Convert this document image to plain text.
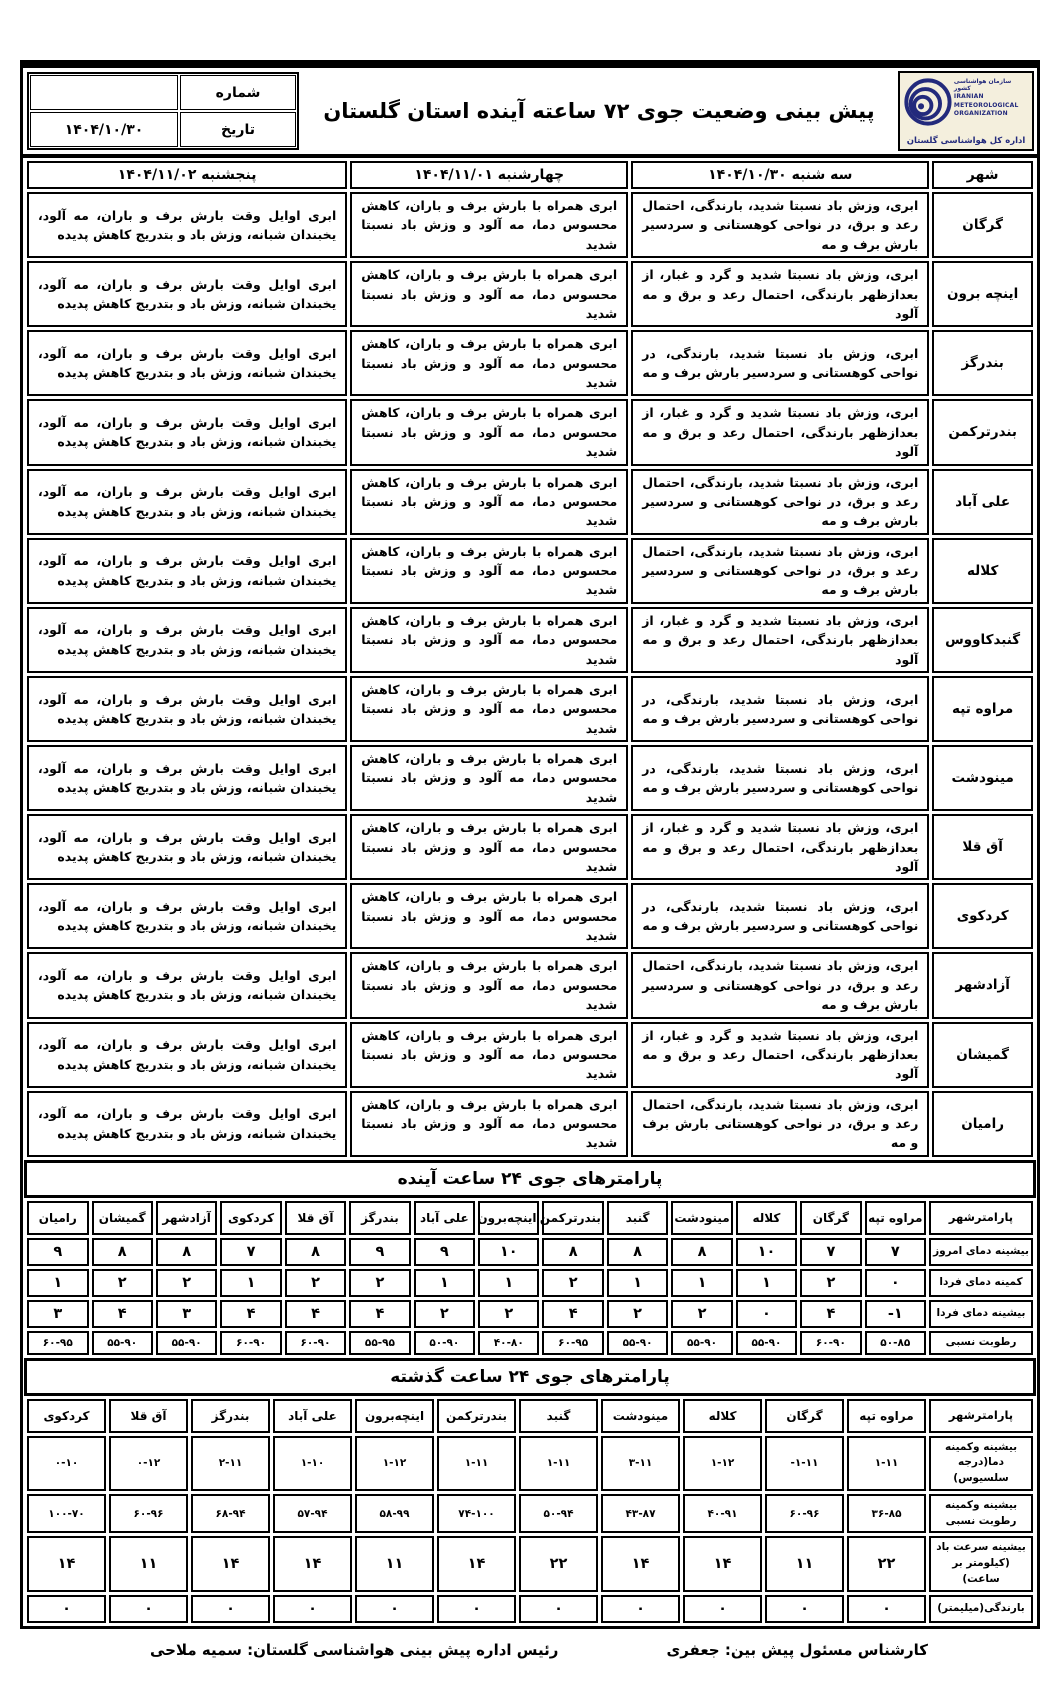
سازمان هواشناسی کشور
IRANIAN
METEOROLOGICAL
ORGANIZATION
اداره کل هواشناسی گلستان
پیش بینی وضعیت جوی ۷۲ ساعته آینده استان گلستان
شماره
تاریخ
۱۴۰۴/۱۰/۳۰
شهر	سه شنبه ۱۴۰۴/۱۰/۳۰	چهارشنبه ۱۴۰۴/۱۱/۰۱	پنجشنبه ۱۴۰۴/۱۱/۰۲
گرگان	ابری، وزش باد نسبتا شدید، بارندگی، احتمال رعد و برق، در نواحی کوهستانی و سردسیر بارش برف و مه	ابری همراه با بارش برف و باران، کاهش محسوس دما، مه آلود و وزش باد نسبتا شدید	ابری اوایل وقت بارش برف و باران، مه آلود، یخبندان شبانه، وزش باد و بتدریج کاهش پدیده
اینچه برون	ابری، وزش باد نسبتا شدید و گرد و غبار، از بعدازظهر بارندگی، احتمال رعد و برق و مه آلود	ابری همراه با بارش برف و باران، کاهش محسوس دما، مه آلود و وزش باد نسبتا شدید	ابری اوایل وقت بارش برف و باران، مه آلود، یخبندان شبانه، وزش باد و بتدریج کاهش پدیده
بندرگز	ابری، وزش باد نسبتا شدید، بارندگی، در نواحی کوهستانی و سردسیر بارش برف و مه	ابری همراه با بارش برف و باران، کاهش محسوس دما، مه آلود و وزش باد نسبتا شدید	ابری اوایل وقت بارش برف و باران، مه آلود، یخبندان شبانه، وزش باد و بتدریج کاهش پدیده
بندرترکمن	ابری، وزش باد نسبتا شدید و گرد و غبار، از بعدازظهر بارندگی، احتمال رعد و برق و مه آلود	ابری همراه با بارش برف و باران، کاهش محسوس دما، مه آلود و وزش باد نسبتا شدید	ابری اوایل وقت بارش برف و باران، مه آلود، یخبندان شبانه، وزش باد و بتدریج کاهش پدیده
علی آباد	ابری، وزش باد نسبتا شدید، بارندگی، احتمال رعد و برق، در نواحی کوهستانی و سردسیر بارش برف و مه	ابری همراه با بارش برف و باران، کاهش محسوس دما، مه آلود و وزش باد نسبتا شدید	ابری اوایل وقت بارش برف و باران، مه آلود، یخبندان شبانه، وزش باد و بتدریج کاهش پدیده
کلاله	ابری، وزش باد نسبتا شدید، بارندگی، احتمال رعد و برق، در نواحی کوهستانی و سردسیر بارش برف و مه	ابری همراه با بارش برف و باران، کاهش محسوس دما، مه آلود و وزش باد نسبتا شدید	ابری اوایل وقت بارش برف و باران، مه آلود، یخبندان شبانه، وزش باد و بتدریج کاهش پدیده
گنبدکاووس	ابری، وزش باد نسبتا شدید و گرد و غبار، از بعدازظهر بارندگی، احتمال رعد و برق و مه آلود	ابری همراه با بارش برف و باران، کاهش محسوس دما، مه آلود و وزش باد نسبتا شدید	ابری اوایل وقت بارش برف و باران، مه آلود، یخبندان شبانه، وزش باد و بتدریج کاهش پدیده
مراوه تپه	ابری، وزش باد نسبتا شدید، بارندگی، در نواحی کوهستانی و سردسیر بارش برف و مه	ابری همراه با بارش برف و باران، کاهش محسوس دما، مه آلود و وزش باد نسبتا شدید	ابری اوایل وقت بارش برف و باران، مه آلود، یخبندان شبانه، وزش باد و بتدریج کاهش پدیده
مینودشت	ابری، وزش باد نسبتا شدید، بارندگی، در نواحی کوهستانی و سردسیر بارش برف و مه	ابری همراه با بارش برف و باران، کاهش محسوس دما، مه آلود و وزش باد نسبتا شدید	ابری اوایل وقت بارش برف و باران، مه آلود، یخبندان شبانه، وزش باد و بتدریج کاهش پدیده
آق قلا	ابری، وزش باد نسبتا شدید و گرد و غبار، از بعدازظهر بارندگی، احتمال رعد و برق و مه آلود	ابری همراه با بارش برف و باران، کاهش محسوس دما، مه آلود و وزش باد نسبتا شدید	ابری اوایل وقت بارش برف و باران، مه آلود، یخبندان شبانه، وزش باد و بتدریج کاهش پدیده
کردکوی	ابری، وزش باد نسبتا شدید، بارندگی، در نواحی کوهستانی و سردسیر بارش برف و مه	ابری همراه با بارش برف و باران، کاهش محسوس دما، مه آلود و وزش باد نسبتا شدید	ابری اوایل وقت بارش برف و باران، مه آلود، یخبندان شبانه، وزش باد و بتدریج کاهش پدیده
آزادشهر	ابری، وزش باد نسبتا شدید، بارندگی، احتمال رعد و برق، در نواحی کوهستانی و سردسیر بارش برف و مه	ابری همراه با بارش برف و باران، کاهش محسوس دما، مه آلود و وزش باد نسبتا شدید	ابری اوایل وقت بارش برف و باران، مه آلود، یخبندان شبانه، وزش باد و بتدریج کاهش پدیده
گمیشان	ابری، وزش باد نسبتا شدید و گرد و غبار، از بعدازظهر بارندگی، احتمال رعد و برق و مه آلود	ابری همراه با بارش برف و باران، کاهش محسوس دما، مه آلود و وزش باد نسبتا شدید	ابری اوایل وقت بارش برف و باران، مه آلود، یخبندان شبانه، وزش باد و بتدریج کاهش پدیده
رامیان	ابری، وزش باد نسبتا شدید، بارندگی، احتمال رعد و برق، در نواحی کوهستانی بارش برف و مه	ابری همراه با بارش برف و باران، کاهش محسوس دما، مه آلود و وزش باد نسبتا شدید	ابری اوایل وقت بارش برف و باران، مه آلود، یخبندان شبانه، وزش باد و بتدریج کاهش پدیده
پارامترهای جوی ۲۴ ساعت آینده
پارامترشهر	مراوه تپه	گرگان	کلاله	مینودشت	گنبد	بندرترکمن	اینچه‌برون	علی آباد	بندرگز	آق قلا	کردکوی	آزادشهر	گمیشان	رامیان
بیشینه دمای امروز	۷	۷	۱۰	۸	۸	۸	۱۰	۹	۹	۸	۷	۸	۸	۹
کمینه دمای فردا	۰	۲	۱	۱	۱	۲	۱	۱	۲	۲	۱	۲	۲	۱
بیشینه دمای فردا	-۱	۴	۰	۲	۲	۴	۲	۲	۴	۴	۴	۳	۴	۳
رطوبت نسبی	۵۰-۸۵	۶۰-۹۰	۵۵-۹۰	۵۵-۹۰	۵۵-۹۰	۶۰-۹۵	۴۰-۸۰	۵۰-۹۰	۵۵-۹۵	۶۰-۹۰	۶۰-۹۰	۵۵-۹۰	۵۵-۹۰	۶۰-۹۵
پارامترهای جوی ۲۴ ساعت گذشته
پارامترشهر	مراوه تپه	گرگان	کلاله	مینودشت	گنبد	بندرترکمن	اینچه‌برون	علی آباد	بندرگز	آق قلا	کردکوی
بیشینه وکمینه دما(درجه سلسیوس)	۱-۱۱	-۱-۱۱	۱-۱۲	۳-۱۱	۱-۱۱	۱-۱۱	۱-۱۲	۱-۱۰	۲-۱۱	۰-۱۲	۰-۱۰
بیشینه وکمینه رطوبت نسبی	۳۶-۸۵	۶۰-۹۶	۴۰-۹۱	۴۳-۸۷	۵۰-۹۴	۷۴-۱۰۰	۵۸-۹۹	۵۷-۹۴	۶۸-۹۴	۶۰-۹۶	۱۰۰-۷۰
بیشینه سرعت باد (کیلومتر بر ساعت)	۲۲	۱۱	۱۴	۱۴	۲۲	۱۴	۱۱	۱۴	۱۴	۱۱	۱۴
بارندگی(میلیمتر)	۰	۰	۰	۰	۰	۰	۰	۰	۰	۰	۰
کارشناس مسئول پیش بین: جعفری
رئیس اداره پیش بینی هواشناسی گلستان: سمیه ملاحی
